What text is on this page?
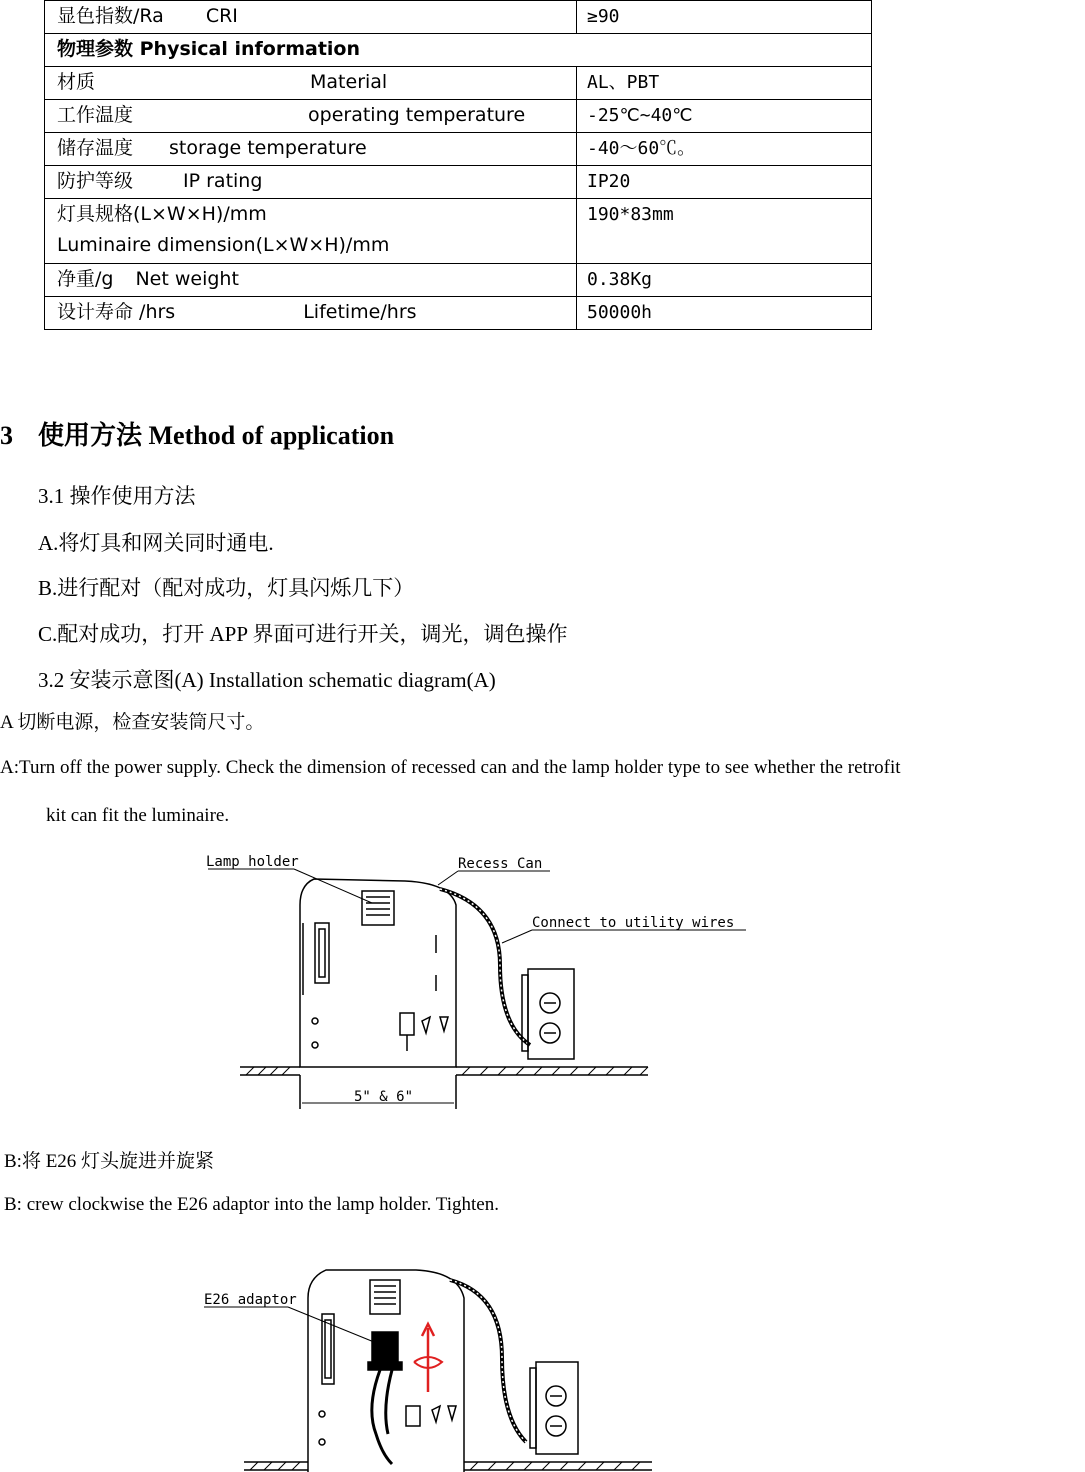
显色指数/Ra CRI	≥90
物理参数 Physical information	
材质 Material	AL、PBT
工作温度 operating temperature	-25℃~40℃
储存温度 storage temperature	-40～60℃。
防护等级 IP rating	IP20

灯具规格(L×W×H)/mm
Luminaire dimension(L×W×H)/mm	190*83mm
净重/g Net weight	0.38Kg
设计寿命 /hrs Lifetime/hrs	50000h
3 使用方法 Method of application
3.1 操作使用方法
A.将灯具和网关同时通电.
B.进行配对（配对成功，灯具闪烁几下）
C.配对成功，打开 APP 界面可进行开关，调光，调色操作
3.2 安装示意图(A) Installation schematic diagram(A)
A 切断电源，检查安装筒尺寸。
A:Turn off the power supply. Check the dimension of recessed can and the lamp holder type to see whether the retrofit
kit can fit the luminaire.
Lamp holder	Recess Can
Connect to utility wires
5" & 6"
B:将 E26 灯头旋进并旋紧
B: crew clockwise the E26 adaptor into the lamp holder. Tighten.
E26 adaptor
